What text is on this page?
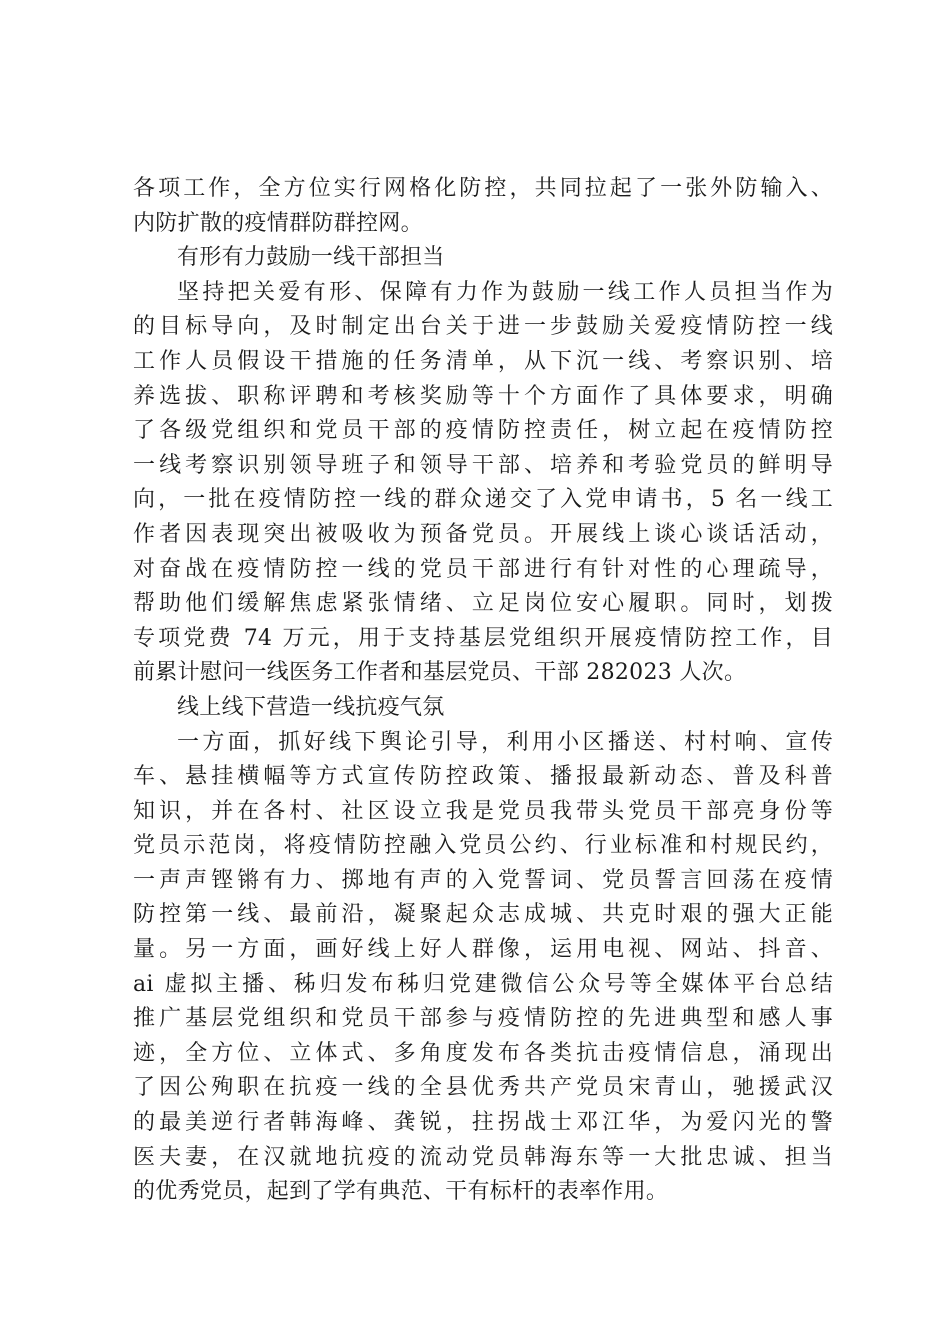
各项工作，全方位实行网格化防控，共同拉起了一张外防输入、
内防扩散的疫情群防群控网。
有形有力鼓励一线干部担当
坚持把关爱有形、保障有力作为鼓励一线工作人员担当作为
的目标导向，及时制定出台关于进一步鼓励关爱疫情防控一线
工作人员假设干措施的任务清单，从下沉一线、考察识别、培
养选拔、职称评聘和考核奖励等十个方面作了具体要求，明确
了各级党组织和党员干部的疫情防控责任，树立起在疫情防控
一线考察识别领导班子和领导干部、培养和考验党员的鲜明导
向，一批在疫情防控一线的群众递交了入党申请书，5 名一线工
作者因表现突出被吸收为预备党员。开展线上谈心谈话活动，
对奋战在疫情防控一线的党员干部进行有针对性的心理疏导，
帮助他们缓解焦虑紧张情绪、立足岗位安心履职。同时，划拨
专项党费 74 万元，用于支持基层党组织开展疫情防控工作，目
前累计慰问一线医务工作者和基层党员、干部 282023 人次。
线上线下营造一线抗疫气氛
一方面，抓好线下舆论引导，利用小区播送、村村响、宣传
车、悬挂横幅等方式宣传防控政策、播报最新动态、普及科普
知识，并在各村、社区设立我是党员我带头党员干部亮身份等
党员示范岗，将疫情防控融入党员公约、行业标准和村规民约，
一声声铿锵有力、掷地有声的入党誓词、党员誓言回荡在疫情
防控第一线、最前沿，凝聚起众志成城、共克时艰的强大正能
量。另一方面，画好线上好人群像，运用电视、网站、抖音、
ai 虚拟主播、秭归发布秭归党建微信公众号等全媒体平台总结
推广基层党组织和党员干部参与疫情防控的先进典型和感人事
迹，全方位、立体式、多角度发布各类抗击疫情信息，涌现出
了因公殉职在抗疫一线的全县优秀共产党员宋青山，驰援武汉
的最美逆行者韩海峰、龚锐，拄拐战士邓江华，为爱闪光的警
医夫妻，在汉就地抗疫的流动党员韩海东等一大批忠诚、担当
的优秀党员，起到了学有典范、干有标杆的表率作用。
